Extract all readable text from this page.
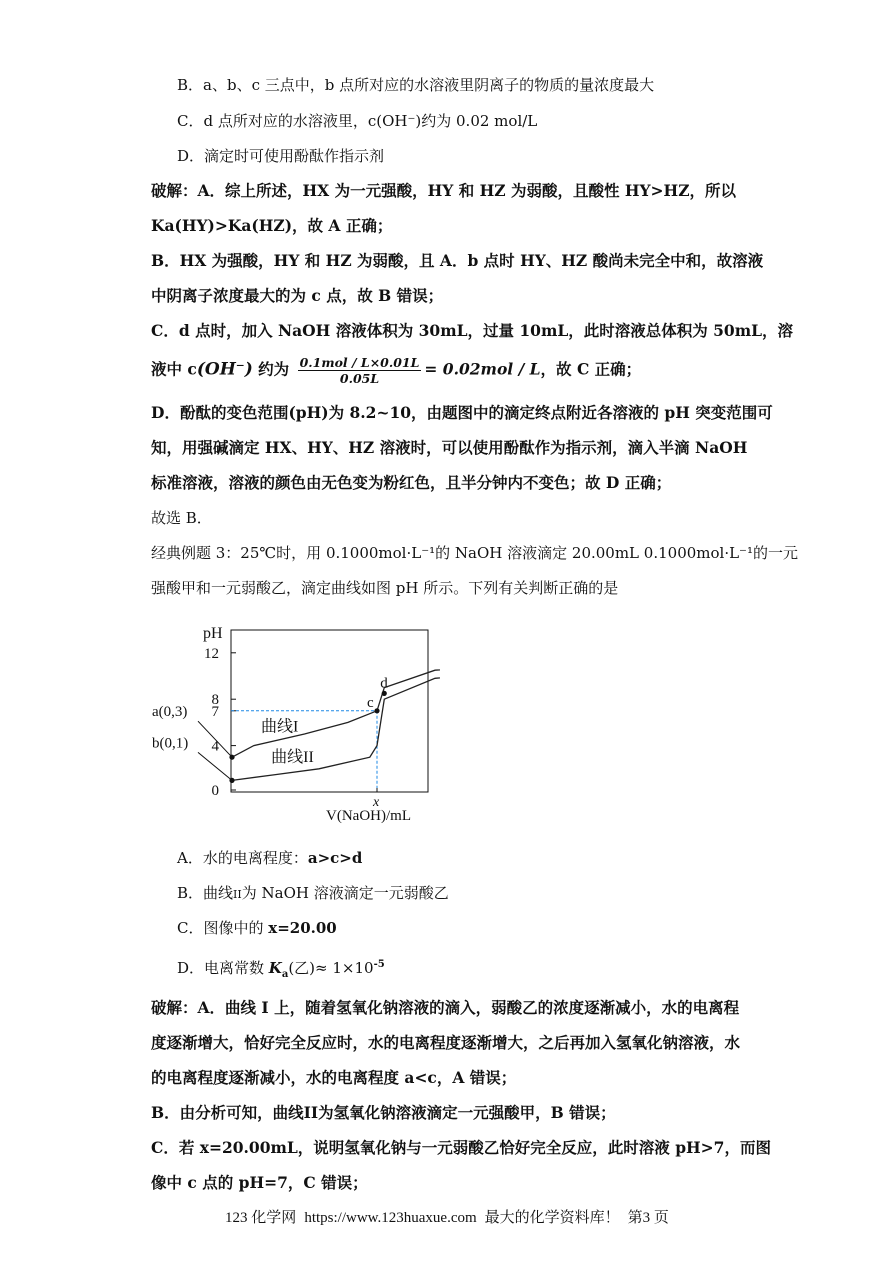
B．a、b、c 三点中，b 点所对应的水溶液里阴离子的物质的量浓度最大
C．d 点所对应的水溶液里，c(OH⁻)约为 0.02 mol/L
D．滴定时可使用酚酞作指示剂
破解：A．综上所述，HX 为一元强酸，HY 和 HZ 为弱酸，且酸性 HY>HZ，所以
Ka(HY)>Ka(HZ)，故 A 正确；
B．HX 为强酸，HY 和 HZ 为弱酸，且 A．b 点时 HY、HZ 酸尚未完全中和，故溶液
中阴离子浓度最大的为 c 点，故 B 错误；
C．d 点时，加入 NaOH 溶液体积为 30mL，过量 10mL，此时溶液总体积为 50mL，溶
液中 c(OH⁻) 约为 $\frac{\text{0.1mol / L×0.01L}}{0.05L} = 0.02mol / L$，故 C 正确；
D．酚酞的变色范围(pH)为 8.2~10，由题图中的滴定终点附近各溶液的 pH 突变范围可
知，用强碱滴定 HX、HY、HZ 溶液时，可以使用酚酞作为指示剂，滴入半滴 NaOH
标准溶液，溶液的颜色由无色变为粉红色，且半分钟内不变色；故 D 正确；
故选 B．
经典例题 3：25℃时，用 0.1000mol·L⁻¹的 NaOH 溶液滴定 20.00mL 0.1000mol·L⁻¹的一元
强酸甲和一元弱酸乙，滴定曲线如图 pH 所示。下列有关判断正确的是
0
4
7
8
12
曲线I
曲线II
a(0,3)
b(0,1)
c
d
pH
V(NaOH)/mL
x
A．水的电离程度：a>c>d
B．曲线II为 NaOH 溶液滴定一元弱酸乙
C．图像中的 x=20.00
D．电离常数 $K_a$(乙)≈ $1\times 10^{-5}$
破解：A．曲线 I 上，随着氢氧化钠溶液的滴入，弱酸乙的浓度逐渐减小，水的电离程
度逐渐增大，恰好完全反应时，水的电离程度逐渐增大，之后再加入氢氧化钠溶液，水
的电离程度逐渐减小，水的电离程度 a<c，A 错误；
B．由分析可知，曲线II为氢氧化钠溶液滴定一元强酸甲，B 错误；
C．若 x=20.00mL，说明氢氧化钠与一元弱酸乙恰好完全反应，此时溶液 pH>7，而图
像中 c 点的 pH=7，C 错误；
123 化学网 https://www.123huaxue.com 最大的化学资料库！ 第3 页
